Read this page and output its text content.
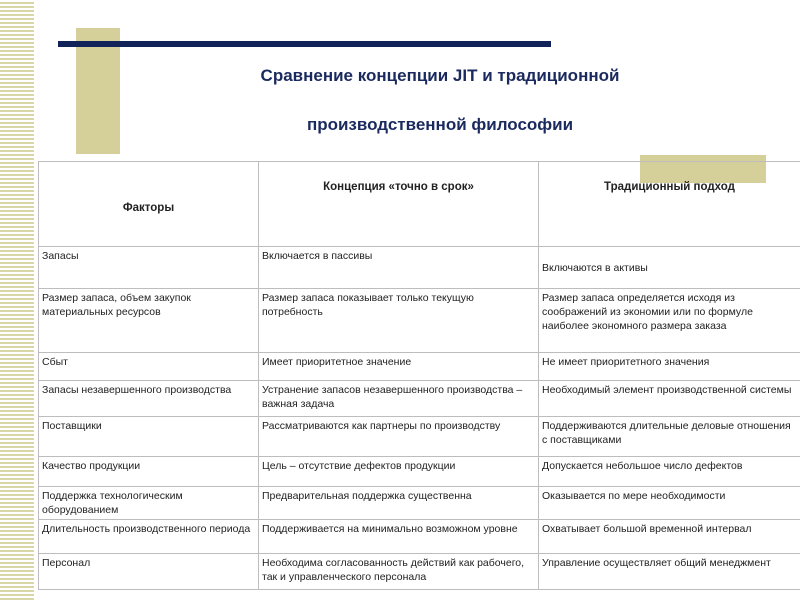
Сравнение концепции JIT и традиционной
производственной философии
Факторы	Концепция «точно в срок»	Традиционный подход
Запасы	Включается в пассивы	Включаются в активы
Размер запаса, объем закупок материальных ресурсов	Размер запаса показывает только текущую потребность	Размер запаса определяется исходя из соображений из экономии или по формуле наиболее экономного размера заказа
Сбыт	Имеет приоритетное значение	Не имеет приоритетного значения
Запасы незавершенного производства	Устранение запасов незавершенного производства – важная задача	Необходимый элемент производственной системы
Поставщики	Рассматриваются как партнеры по производству	Поддерживаются длительные деловые отношения с поставщиками
Качество продукции	Цель – отсутствие дефектов продукции	Допускается небольшое число дефектов
Поддержка технологическим оборудованием	Предварительная поддержка существенна	Оказывается по мере необходимости
Длительность производственного периода	Поддерживается на минимально возможном уровне	Охватывает большой временной интервал
Персонал	Необходима согласованность действий как рабочего, так и управленческого персонала	Управление осуществляет общий менеджмент
